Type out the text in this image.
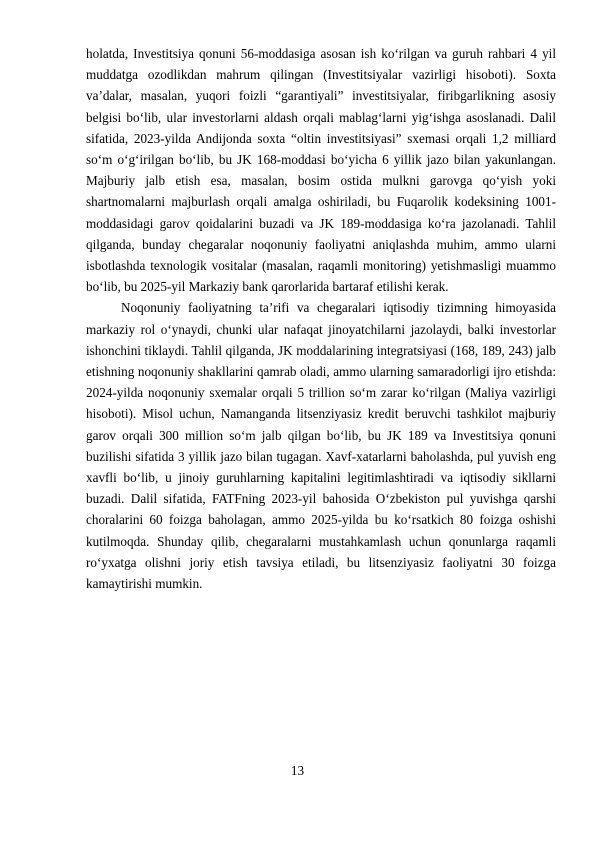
holatda, Investitsiya qonuni 56-moddasiga asosan ish ko‘rilgan va guruh rahbari 4 yil muddatga ozodlikdan mahrum qilingan (Investitsiyalar vazirligi hisoboti). Soxta va’dalar, masalan, yuqori foizli “garantiyali” investitsiyalar, firibgarlikning asosiy belgisi bo‘lib, ular investorlarni aldash orqali mablag‘larni yig‘ishga asoslanadi. Dalil sifatida, 2023-yilda Andijonda soxta “oltin investitsiyasi” sxemasi orqali 1,2 milliard so‘m o‘g‘irilgan bo‘lib, bu JK 168-moddasi bo‘yicha 6 yillik jazo bilan yakunlangan. Majburiy jalb etish esa, masalan, bosim ostida mulkni garovga qo‘yish yoki shartnomalarni majburlash orqali amalga oshiriladi, bu Fuqarolik kodeksining 1001-moddasidagi garov qoidalarini buzadi va JK 189-moddasiga ko‘ra jazolanadi. Tahlil qilganda, bunday chegaralar noqonuniy faoliyatni aniqlashda muhim, ammo ularni isbotlashda texnologik vositalar (masalan, raqamli monitoring) yetishmasligi muammo bo‘lib, bu 2025-yil Markaziy bank qarorlarida bartaraf etilishi kerak.

Noqonuniy faoliyatning ta’rifi va chegaralari iqtisodiy tizimning himoyasida markaziy rol o‘ynaydi, chunki ular nafaqat jinoyatchilarni jazolaydi, balki investorlar ishonchini tiklaydi. Tahlil qilganda, JK moddalarining integratsiyasi (168, 189, 243) jalb etishning noqonuniy shakllarini qamrab oladi, ammo ularning samaradorligi ijro etishda: 2024-yilda noqonuniy sxemalar orqali 5 trillion so‘m zarar ko‘rilgan (Maliya vazirligi hisoboti). Misol uchun, Namanganda litsenziyasiz kredit beruvchi tashkilot majburiy garov orqali 300 million so‘m jalb qilgan bo‘lib, bu JK 189 va Investitsiya qonuni buzilishi sifatida 3 yillik jazo bilan tugagan. Xavf-xatarlarni baholashda, pul yuvish eng xavfli bo‘lib, u jinoiy guruhlarning kapitalini legitimlashtiradi va iqtisodiy sikllarni buzadi. Dalil sifatida, FATFning 2023-yil bahosida O‘zbekiston pul yuvishga qarshi choralarini 60 foizga baholagan, ammo 2025-yilda bu ko‘rsatkich 80 foizga oshishi kutilmoqda. Shunday qilib, chegaralarni mustahkamlash uchun qonunlarga raqamli ro‘yxatga olishni joriy etish tavsiya etiladi, bu litsenziyasiz faoliyatni 30 foizga kamaytirishi mumkin.

13
